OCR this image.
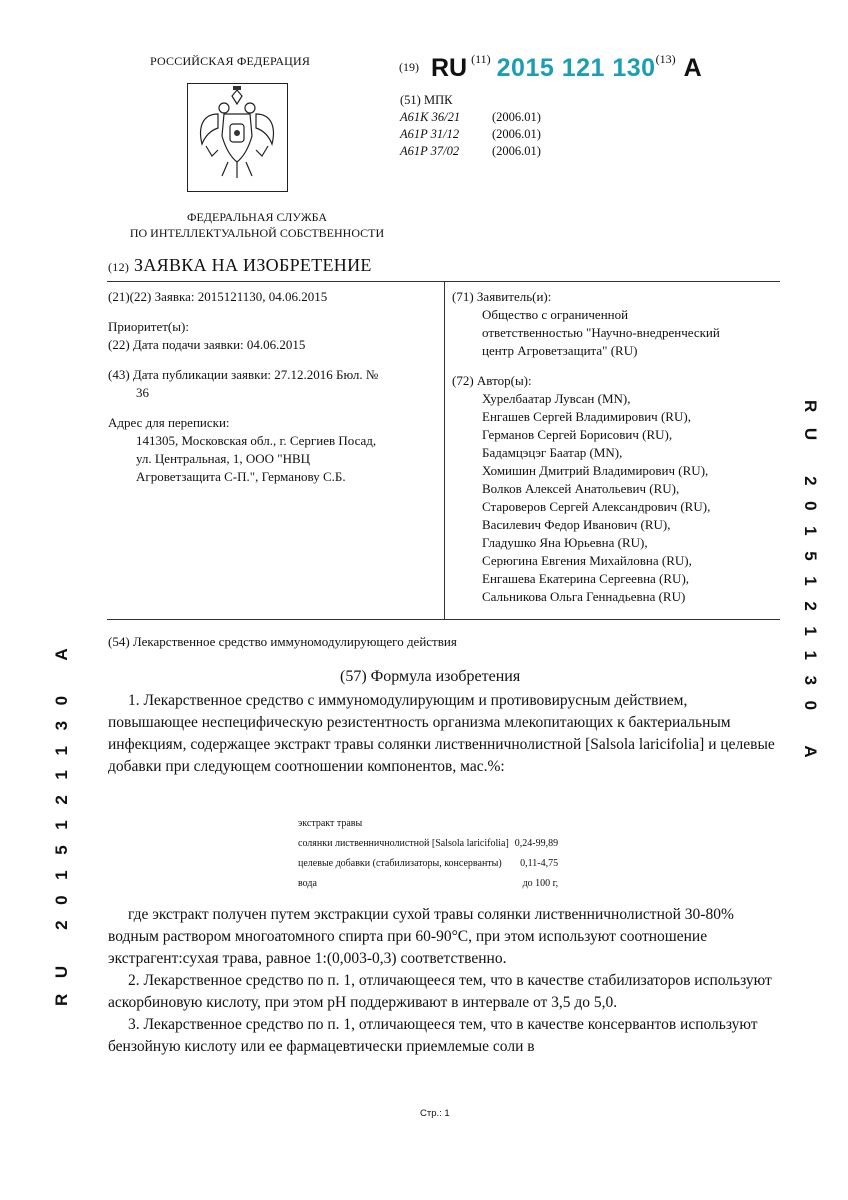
РОССИЙСКАЯ ФЕДЕРАЦИЯ
ФЕДЕРАЛЬНАЯ СЛУЖБА
ПО ИНТЕЛЛЕКТУАЛЬНОЙ СОБСТВЕННОСТИ
(19) RU $^{(11)}$ 2015 121 130$^{(13)}$ A
(51) МПК
A61K 36/21	(2006.01)
A61P 31/12	(2006.01)
A61P 37/02	(2006.01)
(12) ЗАЯВКА НА ИЗОБРЕТЕНИЕ
(21)(22) Заявка: 2015121130, 04.06.2015
Приоритет(ы):
(22) Дата подачи заявки: 04.06.2015
(43) Дата публикации заявки: 27.12.2016 Бюл. №
36
Адрес для переписки:
141305, Московская обл., г. Сергиев Посад,
ул. Центральная, 1, ООО "НВЦ
Агроветзащита С-П.", Германову С.Б.
(71) Заявитель(и):
Общество с ограниченной
ответственностью "Научно-внедренческий
центр Агроветзащита" (RU)
(72) Автор(ы):
Хурелбаатар Лувсан (MN),
Енгашев Сергей Владимирович (RU),
Германов Сергей Борисович (RU),
Бадамцэцэг Баатар (MN),
Хомишин Дмитрий Владимирович (RU),
Волков Алексей Анатольевич (RU),
Староверов Сергей Александрович (RU),
Василевич Федор Иванович (RU),
Гладушко Яна Юрьевна (RU),
Серюгина Евгения Михайловна (RU),
Енгашева Екатерина Сергеевна (RU),
Сальникова Ольга Геннадьевна (RU)
(54) Лекарственное средство иммуномодулирующего действия
(57) Формула изобретения

1. Лекарственное средство с иммуномодулирующим и противовирусным действием, повышающее неспецифическую резистентность организма млекопитающих к бактериальным инфекциям, содержащее экстракт травы солянки лиственничнолистной [Salsola laricifolia] и целевые добавки при следующем соотношении компонентов, мас.%:

экстракт травы	
солянки лиственничнолистной [Salsola laricifolia]	0,24-99,89
целевые добавки (стабилизаторы, консерванты)	0,11-4,75
вода	до 100 г,

где экстракт получен путем экстракции сухой травы солянки лиственничнолистной 30-80% водным раствором многоатомного спирта при 60-90°С, при этом используют соотношение экстрагент:сухая трава, равное 1:(0,003-0,3) соответственно.

2. Лекарственное средство по п. 1, отличающееся тем, что в качестве стабилизаторов используют аскорбиновую кислоту, при этом pH поддерживают в интервале от 3,5 до 5,0.

3. Лекарственное средство по п. 1, отличающееся тем, что в качестве консервантов используют бензойную кислоту или ее фармацевтически приемлемые соли в

Стр.: 1
RU 2015121130 A
RU 2015121130 A
